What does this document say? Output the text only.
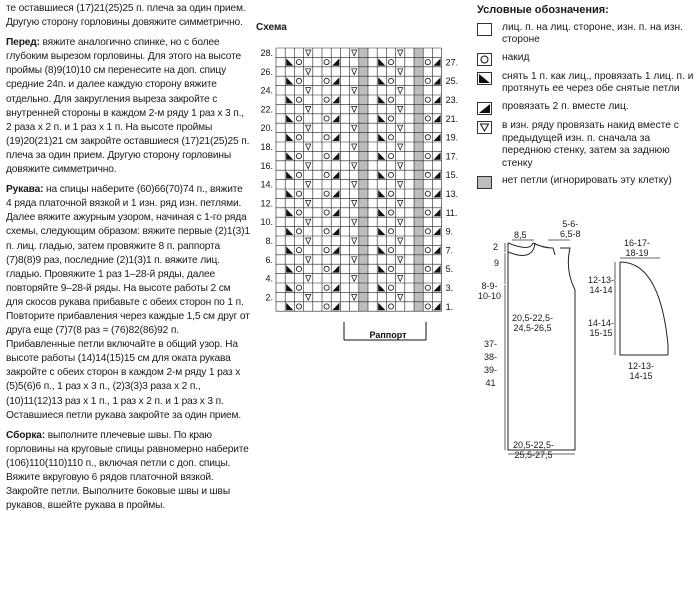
те оставшиеся (17)21(25)25 п. плеча за один прием. Другую сторону горловины довяжите симметрично.

Перед: вяжите аналогично спинке, но с более глубоким вырезом горловины. Для этого на высоте проймы (8)9(10)10 см перенесите на доп. спицу средние 24п. и далее каждую сторону вяжите отдельно. Для закругления выреза закройте с внутренней стороны в каждом 2-м ряду 1 раз х 3 п., 2 раза х 2 п. и 1 раз х 1 п. На высоте проймы (19)20(21)21 см закройте оставшиеся (17)21(25)25 п. плеча за один прием. Другую сторону горловины довяжите симметрично.

Рукава: на спицы наберите (60)66(70)74 п., вяжите 4 ряда платочной вязкой и 1 изн. ряд изн. петлями. Далее вяжите ажурным узором, начиная с 1-го ряда схемы, следующим образом: вяжите первые (2)1(3)1 п. лиц. гладью, затем провяжите 8 п. раппорта (7)8(8)9 раз, последние (2)1(3)1 п. вяжите лиц. гладью. Провяжите 1 раз 1–28-й ряды, далее повторяйте 9–28-й ряды. На высоте работы 2 см для скосов рукава прибавьте с обеих сторон по 1 п. Повторите прибавления через каждые 1,5 см друг от друга еще (7)7(8 раз = (76)82(86)92 п. Прибавленные петли включайте в общий узор. На высоте работы (14)14(15)15 см для оката рукава закройте с обеих сторон в каждом 2-м ряду 1 раз х (5)5(6)6 п., 1 раз х 3 п., (2)3(3)3 раза х 2 п., (10)11(12)13 раз х 1 п., 1 раз х 2 п. и 1 раз х 3 п. Оставшиеся петли рукава закройте за один прием.

Сборка: выполните плечевые швы. По краю горловины на круговые спицы равномерно наберите (106)110(110)110 п., включая петли с доп. спицы. Вяжите вкруговую 6 рядов платочной вязкой. Закройте петли. Выполните боковые швы и швы рукавов, вшейте рукава в проймы.

Схема
28.
26.
24.
22.
20.
18.
16.
14.
12.
10.
8.
6.
4.
2.
27.
25.
23.
21.
19.
17.
15.
13.
11.
9.
7.
5.
3.
1.
Раппорт
Условные обозначения:
лиц. п. на лиц. стороне, изн. п. на изн. стороне
накид
снять 1 п. как лиц., провязать 1 лиц. п. и протянуть ее через обе снятые петли
провязать 2 п. вместе лиц.
в изн. ряду провязать накид вместе с предыдущей изн. п. сначала за переднюю стенку, затем за заднюю стенку
нет петли (игнорировать эту клетку)
8,5
5-6-
6,5-8
2
9
8-9-
10-10
20,5-22,5-
24,5-26,5
37-
38-
39-
41
20,5-22,5-
25,5-27,5
16-17-
18-19
12-13-
14-14
14-14-
15-15
12-13-
14-15
